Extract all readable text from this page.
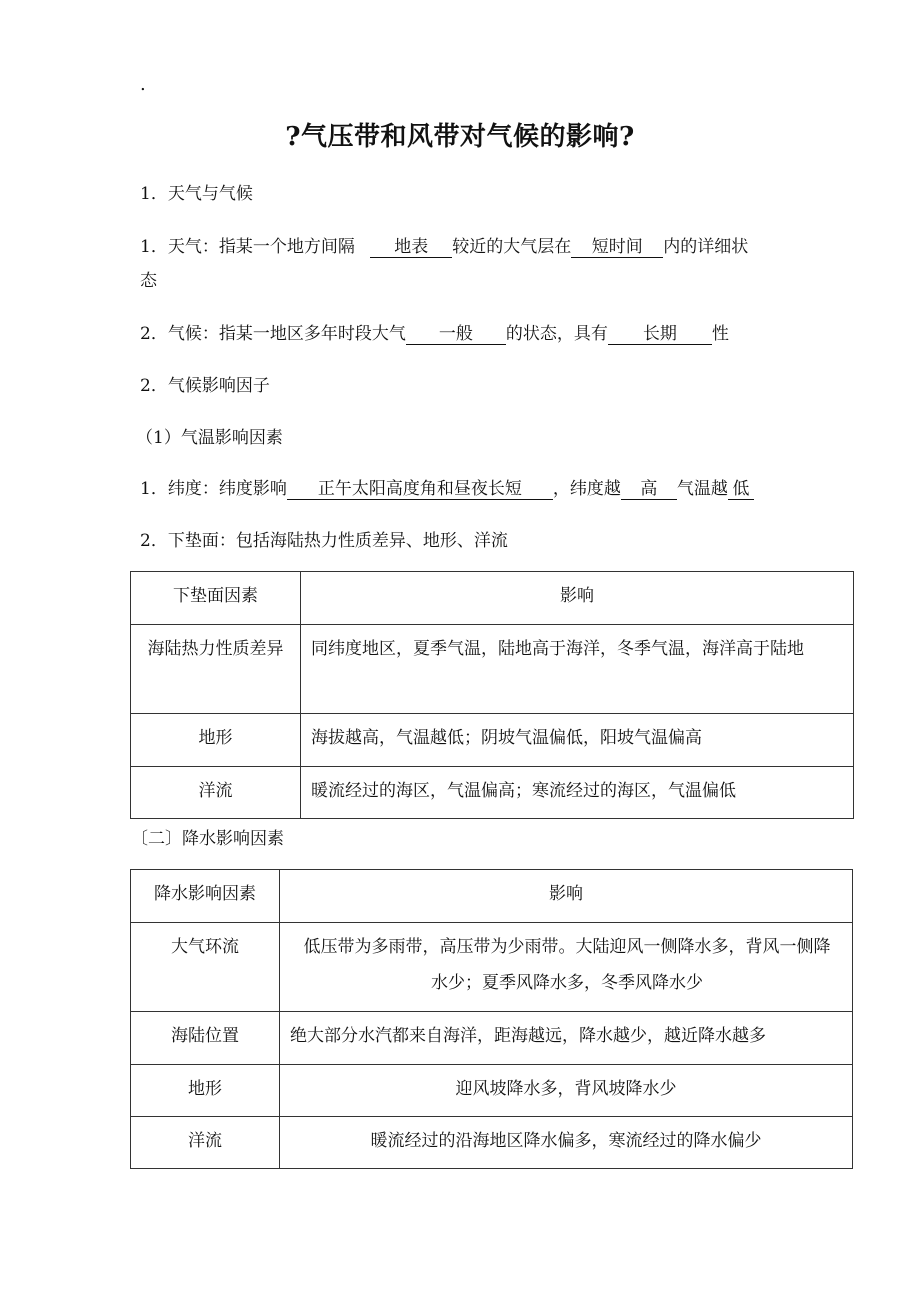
.
?气压带和风带对气候的影响?
1．天气与气候
1．天气：指某一个地方间隔 地表 较近的大气层在 短时间 内的详细状
态
2．气候：指某一地区多年时段大气 一般 的状态，具有 长期 性
2．气候影响因子
（1）气温影响因素
1．纬度：纬度影响 正午太阳高度角和昼夜长短 ，纬度越 高 气温越 低
2．下垫面：包括海陆热力性质差异、地形、洋流
下垫面因素	影响
海陆热力性质差异	同纬度地区，夏季气温，陆地高于海洋，冬季气温，海洋高于陆地
地形	海拔越高，气温越低；阴坡气温偏低，阳坡气温偏高
洋流	暖流经过的海区，气温偏高；寒流经过的海区，气温偏低
〔二〕降水影响因素
降水影响因素	影响
大气环流	低压带为多雨带，高压带为少雨带。大陆迎风一侧降水多，背风一侧降水少；夏季风降水多，冬季风降水少
海陆位置	绝大部分水汽都来自海洋，距海越远，降水越少，越近降水越多
地形	迎风坡降水多，背风坡降水少
洋流	暖流经过的沿海地区降水偏多，寒流经过的降水偏少
